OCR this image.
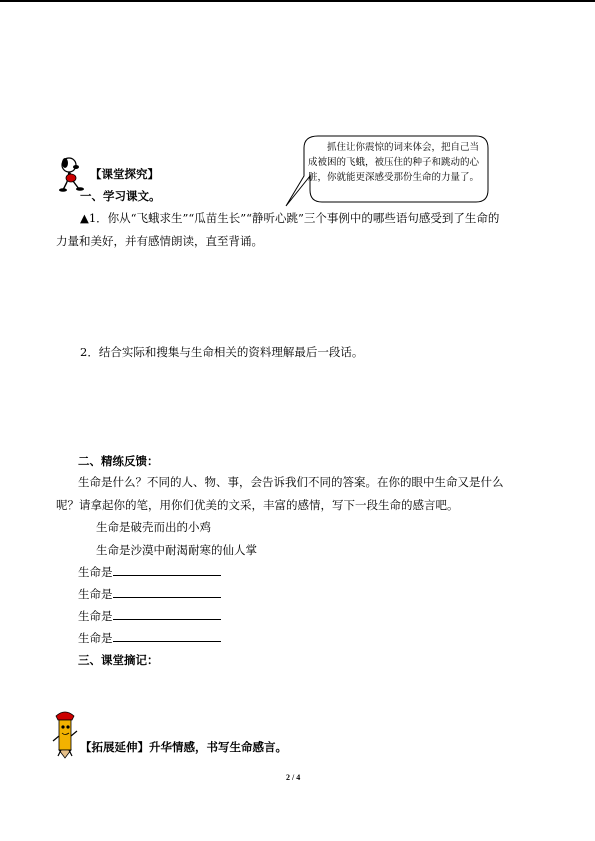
抓住让你震惊的词来体会，把自己当成被困的飞蛾，被压住的种子和跳动的心脏，你就能更深感受那份生命的力量了。
【课堂探究】
一、学习课文。
▲1．你从“飞蛾求生”“瓜苗生长”“静听心跳”三个事例中的哪些语句感受到了生命的
力量和美好，并有感情朗读，直至背诵。
2．结合实际和搜集与生命相关的资料理解最后一段话。
二、精练反馈：
生命是什么？不同的人、物、事，会告诉我们不同的答案。在你的眼中生命又是什么
呢？请拿起你的笔，用你们优美的文采，丰富的感情，写下一段生命的感言吧。
生命是破壳而出的小鸡
生命是沙漠中耐渴耐寒的仙人掌
生命是
生命是
生命是
生命是
三、课堂摘记：
【拓展延伸】升华情感，书写生命感言。
2 / 4
